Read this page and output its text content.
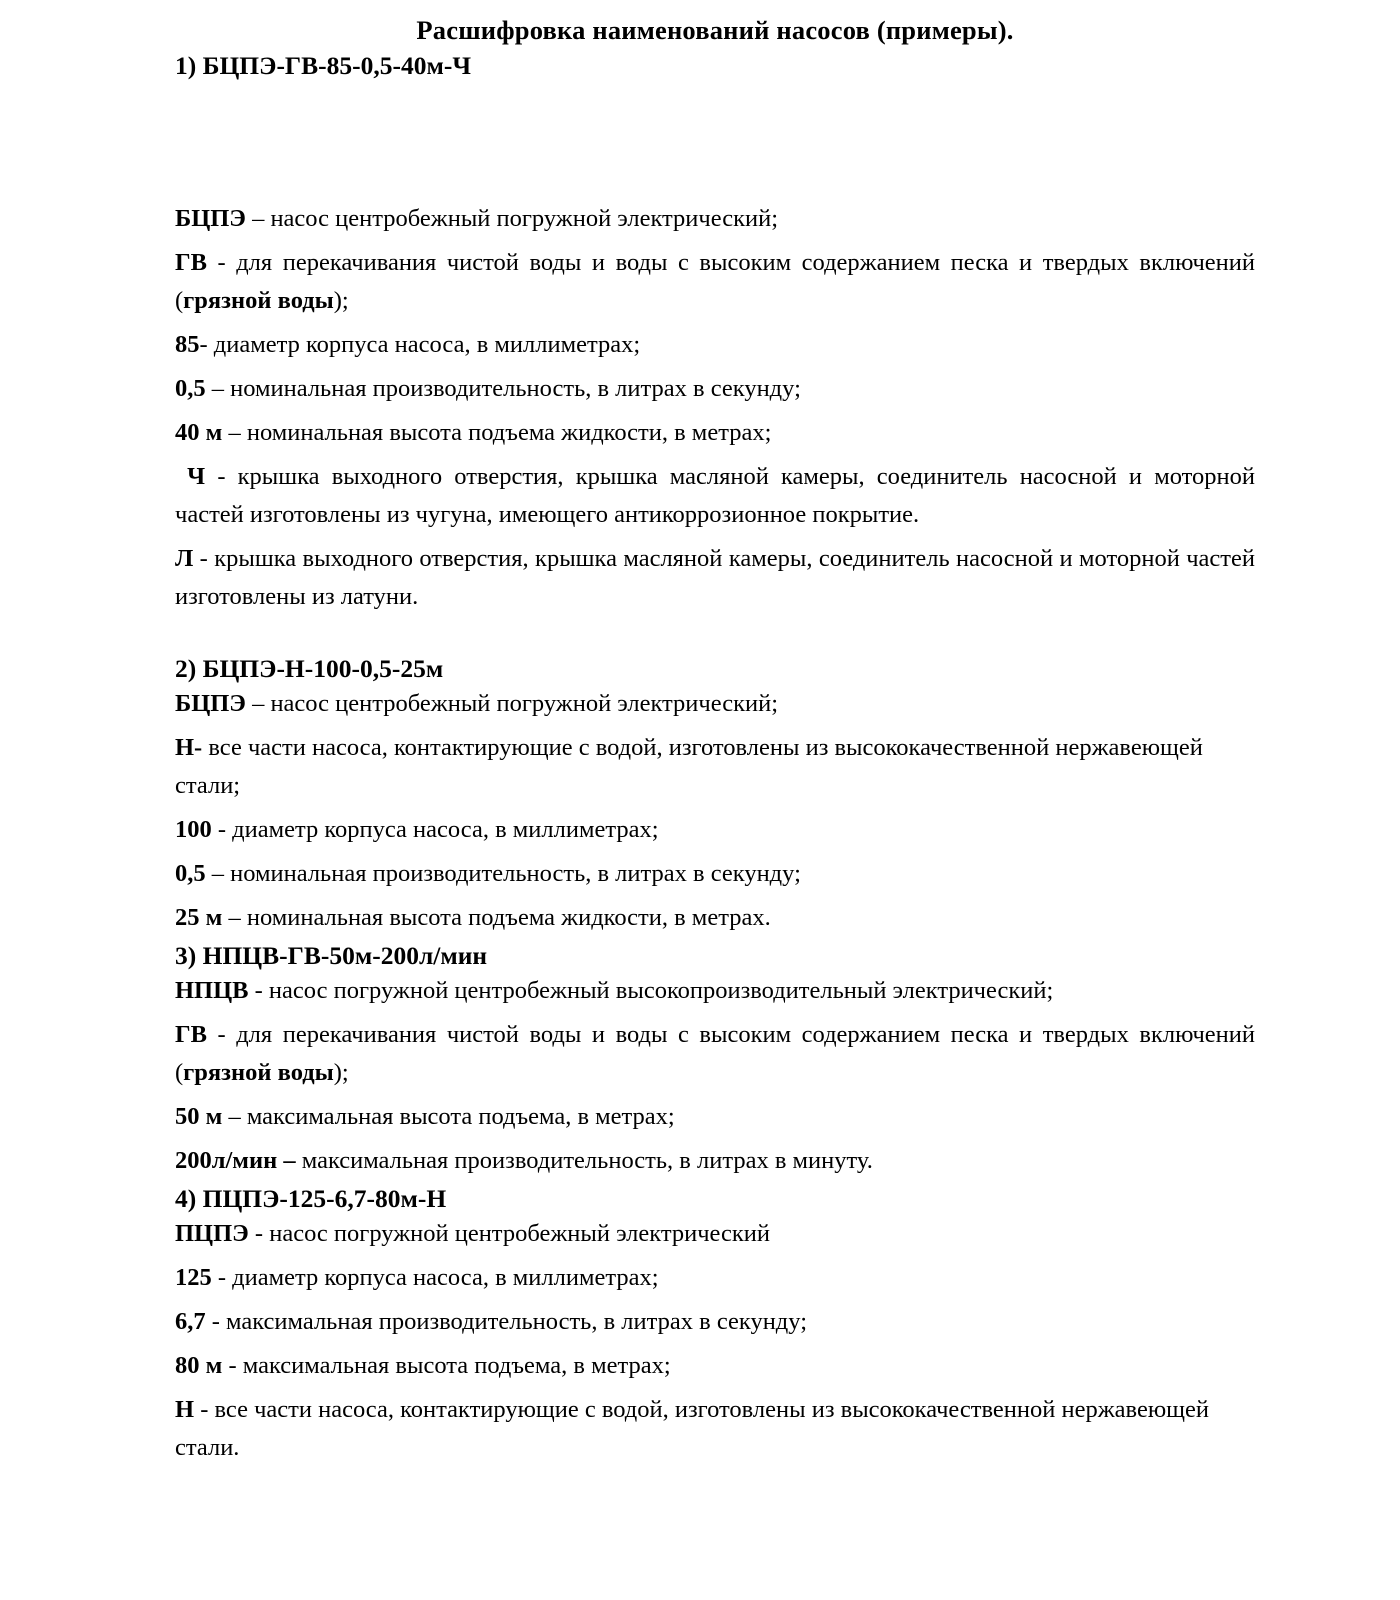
Расшифровка наименований насосов (примеры).
1) БЦПЭ-ГВ-85-0,5-40м-Ч

БЦПЭ – насос центробежный погружной электрический;

ГВ - для перекачивания чистой воды и воды с высоким содержанием песка и твердых включений (грязной воды);

85- диаметр корпуса насоса, в миллиметрах;

0,5 – номинальная производительность, в литрах в секунду;

40 м – номинальная высота подъема жидкости, в метрах;

Ч - крышка выходного отверстия, крышка масляной камеры, соединитель насосной и моторной частей изготовлены из чугуна, имеющего антикоррозионное покрытие.

Л - крышка выходного отверстия, крышка масляной камеры, соединитель насосной и моторной частей изготовлены из латуни.

2) БЦПЭ-Н-100-0,5-25м

БЦПЭ – насос центробежный погружной электрический;

Н- все части насоса, контактирующие с водой, изготовлены из высококачественной нержавеющей стали;

100 - диаметр корпуса насоса, в миллиметрах;

0,5 – номинальная производительность, в литрах в секунду;

25 м – номинальная высота подъема жидкости, в метрах.

3) НПЦВ-ГВ-50м-200л/мин

НПЦВ - насос погружной центробежный высокопроизводительный электрический;

ГВ - для перекачивания чистой воды и воды с высоким содержанием песка и твердых включений (грязной воды);

50 м – максимальная высота подъема, в метрах;

200л/мин – максимальная производительность, в литрах в минуту.

4) ПЦПЭ-125-6,7-80м-Н

ПЦПЭ - насос погружной центробежный электрический

125 - диаметр корпуса насоса, в миллиметрах;

6,7 - максимальная производительность, в литрах в секунду;

80 м - максимальная высота подъема, в метрах;

Н - все части насоса, контактирующие с водой, изготовлены из высококачественной нержавеющей стали.
